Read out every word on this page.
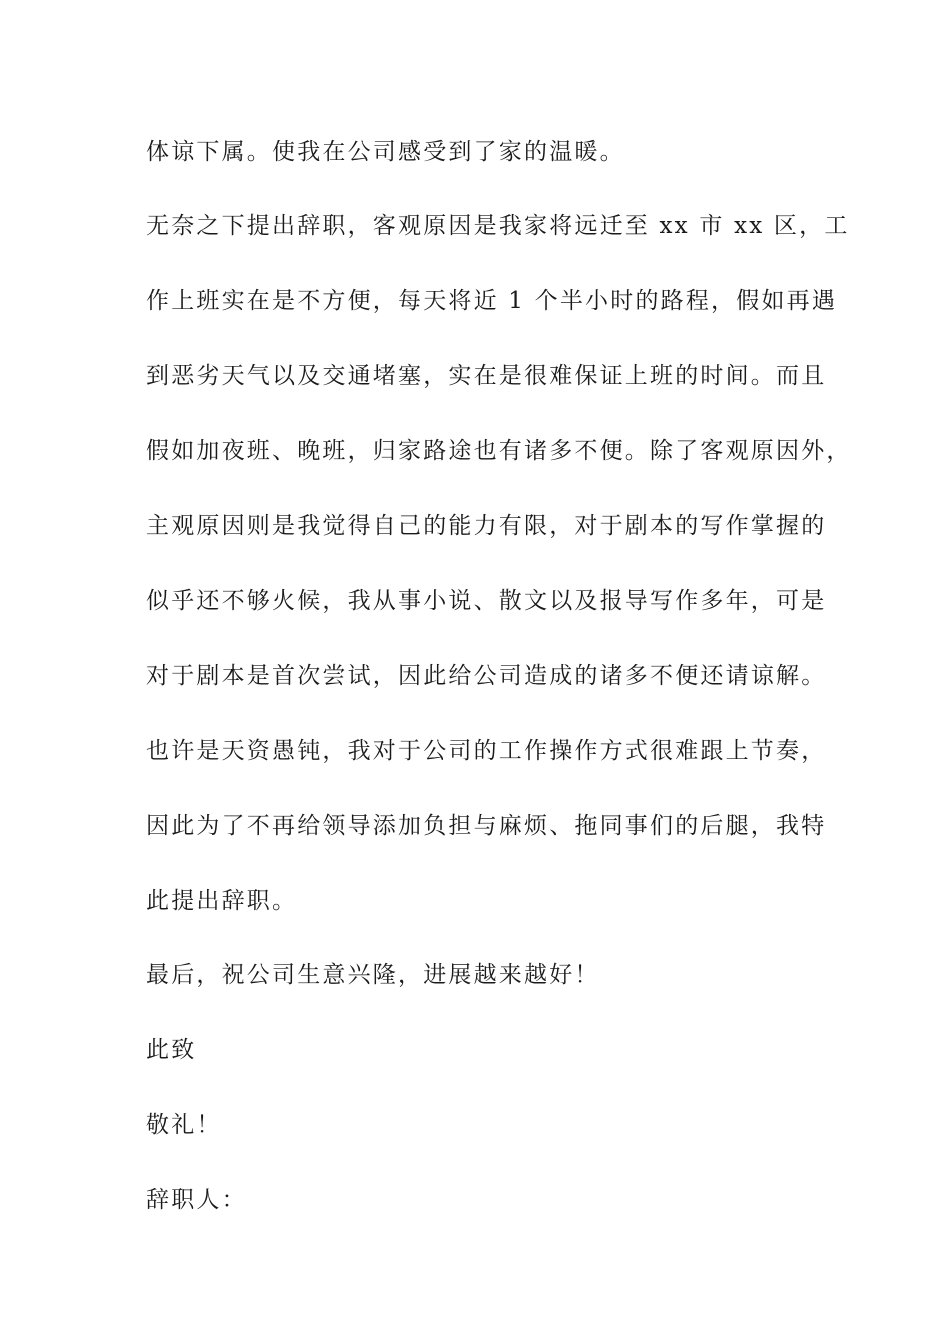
体谅下属。使我在公司感受到了家的温暖。
无奈之下提出辞职，客观原因是我家将远迁至 xx 市 xx 区，工
作上班实在是不方便，每天将近 1 个半小时的路程，假如再遇
到恶劣天气以及交通堵塞，实在是很难保证上班的时间。而且
假如加夜班、晚班，归家路途也有诸多不便。除了客观原因外，
主观原因则是我觉得自己的能力有限，对于剧本的写作掌握的
似乎还不够火候，我从事小说、散文以及报导写作多年，可是
对于剧本是首次尝试，因此给公司造成的诸多不便还请谅解。
也许是天资愚钝，我对于公司的工作操作方式很难跟上节奏，
因此为了不再给领导添加负担与麻烦、拖同事们的后腿，我特
此提出辞职。
最后，祝公司生意兴隆，进展越来越好！
此致
敬礼！
辞职人：
